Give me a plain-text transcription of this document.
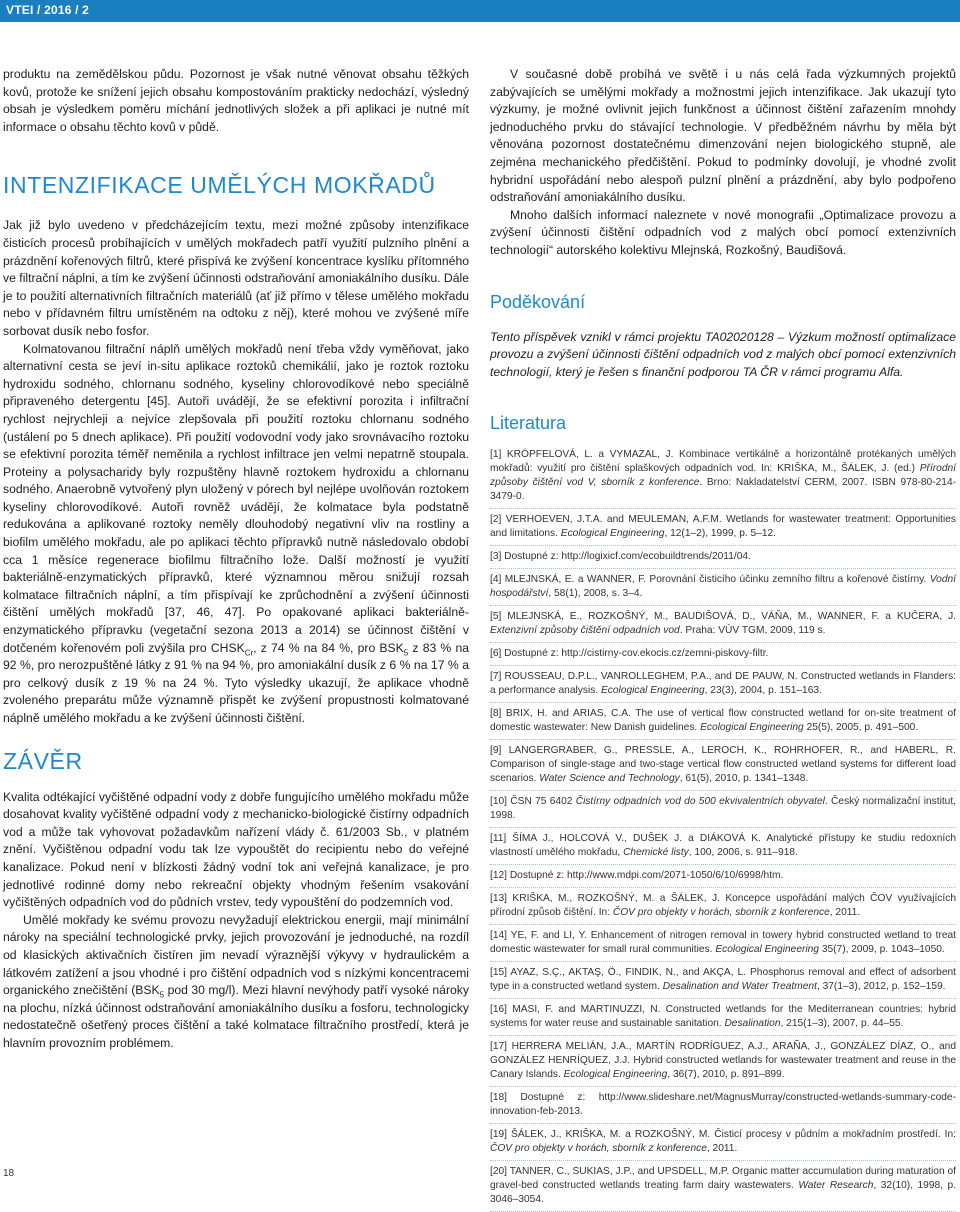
VTEI / 2016 / 2

produktu na zemědělskou půdu. Pozornost je však nutné věnovat obsahu těžkých kovů, protože ke snížení jejich obsahu kompostováním prakticky nedochází, výsledný obsah je výsledkem poměru míchání jednotlivých složek a při aplikaci je nutné mít informace o obsahu těchto kovů v půdě.

INTENZIFIKACE UMĚLÝCH MOKŘADŮ

Jak již bylo uvedeno v předcházejícím textu, mezi možné způsoby intenzifikace čisticích procesů probíhajících v umělých mokřadech patří využití pulzního plnění a prázdnění kořenových filtrů, které přispívá ke zvýšení koncentrace kyslíku přítomného ve filtrační náplni, a tím ke zvýšení účinnosti odstraňování amoniakálního dusíku. Dále je to použití alternativních filtračních materiálů (ať již přímo v tělese umělého mokřadu nebo v přídavném filtru umístěném na odtoku z něj), které mohou ve zvýšené míře sorbovat dusík nebo fosfor.

Kolmatovanou filtrační náplň umělých mokřadů není třeba vždy vyměňovat, jako alternativní cesta se jeví in-situ aplikace roztoků chemikálií, jako je roztok roztoku hydroxidu sodného, chlornanu sodného, kyseliny chlorovodíkové nebo speciálně připraveného detergentu [45]. Autoři uvádějí, že se efektivní porozita i infiltrační rychlost nejrychleji a nejvíce zlepšovala při použití roztoku chlornanu sodného (ustálení po 5 dnech aplikace). Při použití vodovodní vody jako srovnávacího roztoku se efektivní porozita téměř neměnila a rychlost infiltrace jen velmi nepatrně stoupala. Proteiny a polysacharidy byly rozpuštěny hlavně roztokem hydroxidu a chlornanu sodného. Anaerobně vytvořený plyn uložený v pórech byl nejlépe uvolňován roztokem kyseliny chlorovodíkové. Autoři rovněž uvádějí, že kolmatace byla podstatně redukována a aplikované roztoky neměly dlouhodobý negativní vliv na rostliny a biofilm umělého mokřadu, ale po aplikaci těchto přípravků nutně následovalo období cca 1 měsíce regenerace biofilmu filtračního lože. Další možností je využití bakteriálně-enzymatických přípravků, které významnou měrou snižují rozsah kolmatace filtračních náplní, a tím přispívají ke zprůchodnění a zvýšení účinnosti čištění umělých mokřadů [37, 46, 47]. Po opakované aplikaci bakteriálně-enzymatického přípravku (vegetační sezona 2013 a 2014) se účinnost čištění v dotčeném kořenovém poli zvýšila pro $CHSK_{Cr}$, z 74 % na 84 %, pro $BSK_5$ z 83 % na 92 %, pro nerozpuštěné látky z 91 % na 94 %, pro amoniakální dusík z 6 % na 17 % a pro celkový dusík z 19 % na 24 %. Tyto výsledky ukazují, že aplikace vhodně zvoleného preparátu může významně přispět ke zvýšení propustnosti kolmatované náplně umělého mokřadu a ke zvýšení účinnosti čištění.

ZÁVĚR

Kvalita odtékající vyčištěné odpadní vody z dobře fungujícího umělého mokřadu může dosahovat kvality vyčištěné odpadní vody z mechanicko-biologické čistírny odpadních vod a může tak vyhovovat požadavkům nařízení vlády č. 61/2003 Sb., v platném znění. Vyčištěnou odpadní vodu tak lze vypouštět do recipientu nebo do veřejné kanalizace. Pokud není v blízkosti žádný vodní tok ani veřejná kanalizace, je pro jednotlivé rodinné domy nebo rekreační objekty vhodným řešením vsakování vyčištěných odpadních vod do půdních vrstev, tedy vypouštění do podzemních vod.

Umělé mokřady ke svému provozu nevyžadují elektrickou energii, mají minimální nároky na speciální technologické prvky, jejich provozování je jednoduché, na rozdíl od klasických aktivačních čistíren jim nevadí výraznější výkyvy v hydraulickém a látkovém zatížení a jsou vhodné i pro čištění odpadních vod s nízkými koncentracemi organického znečištění ($BSK_5$ pod 30 mg/l). Mezi hlavní nevýhody patří vysoké nároky na plochu, nízká účinnost odstraňování amoniakálního dusíku a fosforu, technologicky nedostatečně ošetřený proces čištění a také kolmatace filtračního prostředí, která je hlavním provozním problémem.

V současné době probíhá ve světě i u nás celá řada výzkumných projektů zabývajících se umělými mokřady a možnostmi jejich intenzifikace. Jak ukazují tyto výzkumy, je možné ovlivnit jejich funkčnost a účinnost čištění zařazením mnohdy jednoduchého prvku do stávající technologie. V předběžném návrhu by měla být věnována pozornost dostatečnému dimenzování nejen biologického stupně, ale zejména mechanického předčištění. Pokud to podmínky dovolují, je vhodné zvolit hybridní uspořádání nebo alespoň pulzní plnění a prázdnění, aby bylo podpořeno odstraňování amoniakálního dusíku.

Mnoho dalších informací naleznete v nové monografii „Optimalizace provozu a zvýšení účinnosti čištění odpadních vod z malých obcí pomocí extenzivních technologií“ autorského kolektivu Mlejnská, Rozkošný, Baudišová.

Poděkování

Tento příspěvek vznikl v rámci projektu TA02020128 – Výzkum možností optimalizace provozu a zvýšení účinnosti čištění odpadních vod z malých obcí pomocí extenzivních technologií, který je řešen s finanční podporou TA ČR v rámci programu Alfa.

Literatura
[1] KRÖPFELOVÁ, L. a VYMAZAL, J. Kombinace vertikálně a horizontálně protékaných umělých mokřadů: využití pro čištění splaškových odpadních vod. In: KRIŠKA, M., ŠÁLEK, J. (ed.) Přírodní způsoby čištění vod V, sborník z konference. Brno: Nakladatelství CERM, 2007. ISBN 978-80-214-3479-0.
[2] VERHOEVEN, J.T.A. and MEULEMAN, A.F.M. Wetlands for wastewater treatment: Opportunities and limitations. Ecological Engineering, 12(1–2), 1999, p. 5–12.
[3] Dostupné z: http://logixicf.com/ecobuildtrends/2011/04.
[4] MLEJNSKÁ, E. a WANNER, F. Porovnání čisticího účinku zemního filtru a kořenové čistírny. Vodní hospodářství, 58(1), 2008, s. 3–4.
[5] MLEJNSKÁ, E., ROZKOŠNÝ, M., BAUDIŠOVÁ, D., VÁŇA, M., WANNER, F. a KUČERA, J. Extenzivní způsoby čištění odpadních vod. Praha: VÚV TGM, 2009, 119 s.
[6] Dostupné z: http://cistirny-cov.ekocis.cz/zemni-piskovy-filtr.
[7] ROUSSEAU, D.P.L., VANROLLEGHEM, P.A., and DE PAUW, N. Constructed wetlands in Flanders: a performance analysis. Ecological Engineering, 23(3), 2004, p. 151–163.
[8] BRIX, H. and ARIAS, C.A. The use of vertical flow constructed wetland for on-site treatment of domestic wastewater: New Danish guidelines. Ecological Engineering 25(5), 2005, p. 491–500.
[9] LANGERGRABER, G., PRESSLE, A., LEROCH, K., ROHRHOFER, R., and HABERL, R. Comparison of single-stage and two-stage vertical flow constructed wetland systems for different load scenarios. Water Science and Technology, 61(5), 2010, p. 1341–1348.
[10] ČSN 75 6402 Čistírny odpadních vod do 500 ekvivalentních obyvatel. Český normalizační institut, 1998.
[11] ŠÍMA J., HOLCOVÁ V., DUŠEK J. a DIÁKOVÁ K. Analytické přístupy ke studiu redoxních vlastností umělého mokřadu, Chemické listy, 100, 2006, s. 911–918.
[12] Dostupné z: http://www.mdpi.com/2071-1050/6/10/6998/htm.
[13] KRIŠKA, M., ROZKOŠNÝ, M. a ŠÁLEK, J. Koncepce uspořádání malých ČOV využívajících přírodní způsob čištění. In: ČOV pro objekty v horách, sborník z konference, 2011.
[14] YE, F. and LI, Y. Enhancement of nitrogen removal in towery hybrid constructed wetland to treat domestic wastewater for small rural communities. Ecological Engineering 35(7), 2009, p. 1043–1050.
[15] AYAZ, S.Ç., AKTAŞ, Ö., FINDIK, N., and AKÇA, L. Phosphorus removal and effect of adsorbent type in a constructed wetland system. Desalination and Water Treatment, 37(1–3), 2012, p. 152–159.
[16] MASI, F. and MARTINUZZI, N. Constructed wetlands for the Mediterranean countries: hybrid systems for water reuse and sustainable sanitation. Desalination, 215(1–3), 2007, p. 44–55.
[17] HERRERA MELIÁN, J.A., MARTÍN RODRÍGUEZ, A.J., ARAÑA, J., GONZÁLEZ DÍAZ, O., and GONZÁLEZ HENRÍQUEZ, J.J. Hybrid constructed wetlands for wastewater treatment and reuse in the Canary Islands. Ecological Engineering, 36(7), 2010, p. 891–899.
[18] Dostupné z: http://www.slideshare.net/MagnusMurray/constructed-wetlands-summary-code-innovation-feb-2013.
[19] ŠÁLEK, J., KRIŠKA, M. a ROZKOŠNÝ, M. Čisticí procesy v půdním a mokřadním prostředí. In: ČOV pro objekty v horách, sborník z konference, 2011.
[20] TANNER, C., SUKIAS, J.P., and UPSDELL, M.P. Organic matter accumulation during maturation of gravel-bed constructed wetlands treating farm dairy wastewaters. Water Research, 32(10), 1998, p. 3046–3054.
18
